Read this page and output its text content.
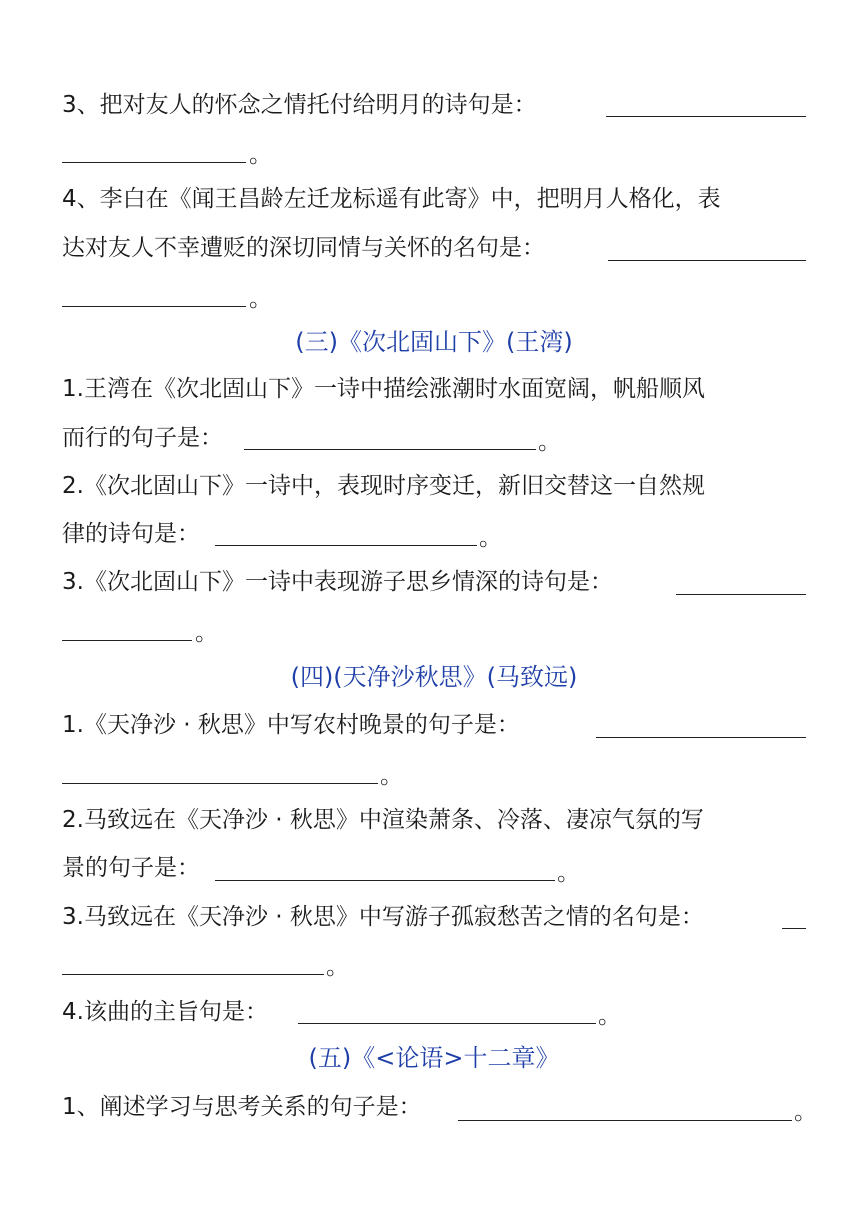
3、把对友人的怀念之情托付给明月的诗句是：
。
4、李白在《闻王昌龄左迁龙标遥有此寄》中，把明月人格化，表
达对友人不幸遭贬的深切同情与关怀的名句是：
。
(三)《次北固山下》(王湾)
1.王湾在《次北固山下》一诗中描绘涨潮时水面宽阔，帆船顺风
而行的句子是：	。
2.《次北固山下》一诗中，表现时序变迁，新旧交替这一自然规
律的诗句是：	。
3.《次北固山下》一诗中表现游子思乡情深的诗句是：
。
(四)(天净沙秋思》(马致远)
1.《天净沙 · 秋思》中写农村晚景的句子是：
。
2.马致远在《天净沙 · 秋思》中渲染萧条、冷落、凄凉气氛的写
景的句子是：	。
3.马致远在《天净沙 · 秋思》中写游子孤寂愁苦之情的名句是：
。
4.该曲的主旨句是：	。
(五)《<论语>十二章》
1、阐述学习与思考关系的句子是：	。
